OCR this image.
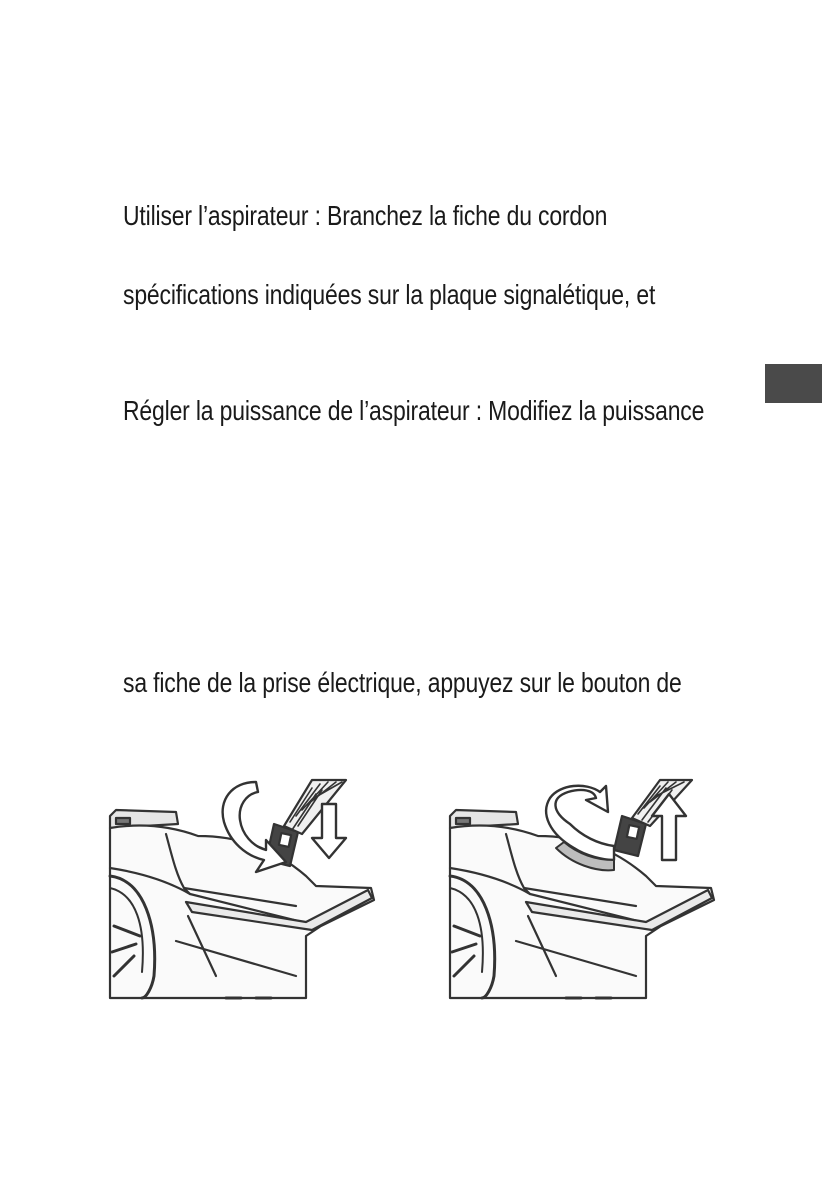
Utiliser l’aspirateur : Branchez la fiche du cordon

spécifications indiquées sur la plaque signalétique, et

Régler la puissance de l’aspirateur : Modifiez la puissance

sa fiche de la prise électrique, appuyez sur le bouton de
